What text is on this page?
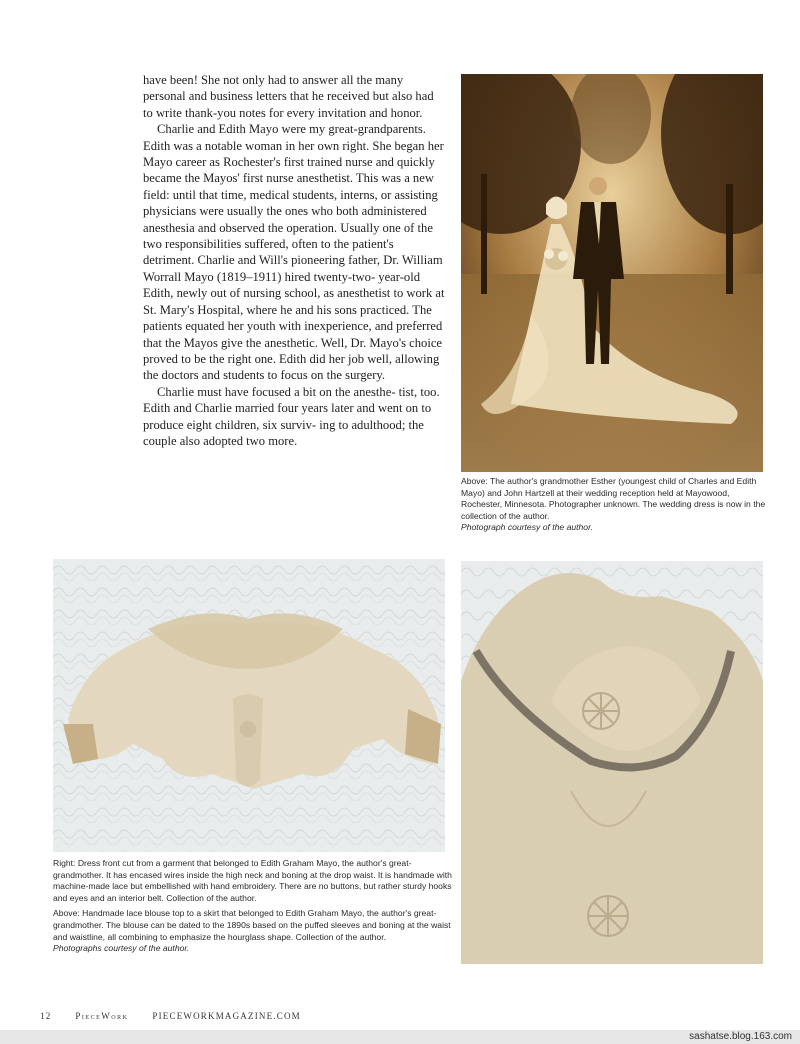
have been! She not only had to answer all the many personal and business letters that he received but also had to write thank-you notes for every invitation and honor.

Charlie and Edith Mayo were my great-grandparents. Edith was a notable woman in her own right. She began her Mayo career as Rochester's first trained nurse and quickly became the Mayos' first nurse anesthetist. This was a new field: until that time, medical students, interns, or assisting physicians were usually the ones who both administered anesthesia and observed the operation. Usually one of the two responsibilities suffered, often to the patient's detriment. Charlie and Will's pioneering father, Dr. William Worrall Mayo (1819–1911) hired twenty-two- year-old Edith, newly out of nursing school, as anesthetist to work at St. Mary's Hospital, where he and his sons practiced. The patients equated her youth with inexperience, and preferred that the Mayos give the anesthetic. Well, Dr. Mayo's choice proved to be the right one. Edith did her job well, allowing the doctors and students to focus on the surgery.

Charlie must have focused a bit on the anesthe- tist, too. Edith and Charlie married four years later and went on to produce eight children, six surviv- ing to adulthood; the couple also adopted two more.

Above: The author's grandmother Esther (youngest child of Charles and Edith Mayo) and John Hartzell at their wedding reception held at Mayowood, Rochester, Minnesota. Photographer unknown. The wedding dress is now in the collection of the author.

Photograph courtesy of the author.

Right: Dress front cut from a garment that belonged to Edith Graham Mayo, the author's great-grandmother. It has encased wires inside the high neck and boning at the drop waist. It is handmade with machine-made lace but embellished with hand embroidery. There are no buttons, but rather sturdy hooks and eyes and an interior belt. Collection of the author.

Above: Handmade lace blouse top to a skirt that belonged to Edith Graham Mayo, the author's great-grandmother. The blouse can be dated to the 1890s based on the puffed sleeves and boning at the waist and waistline, all combining to emphasize the hourglass shape. Collection of the author.

Photographs courtesy of the author.

12	PieceWork	PIECEWORKMAGAZINE.COM
sashatse.blog.163.com
